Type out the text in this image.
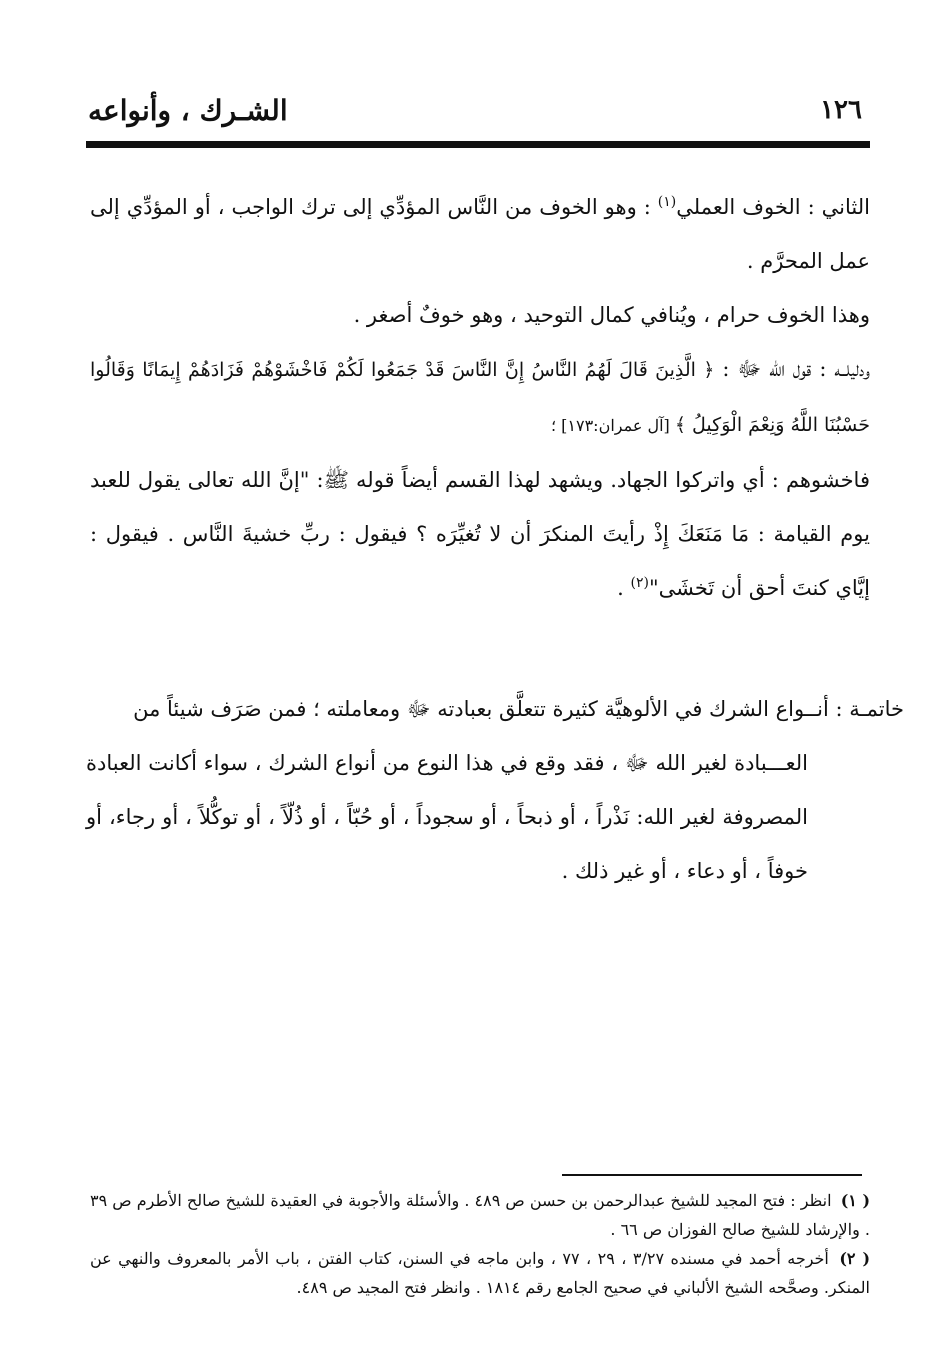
١٢٦
الشـرك ، وأنواعه

الثاني : الخوف العملي$^{(١)}$ : وهو الخوف من النَّاس المؤدِّي إلى ترك الواجب ، أو المؤدِّي إلى عمل المحرَّم .

وهذا الخوف حرام ، ويُنافي كمال التوحيد ، وهو خوفٌ أصغر .

ودليلــه : قول الله ﷻ : ﴿ الَّذِينَ قَالَ لَهُمُ النَّاسُ إِنَّ النَّاسَ قَدْ جَمَعُوا لَكُمْ فَاخْشَوْهُمْ فَزَادَهُمْ إِيمَانًا وَقَالُوا حَسْبُنَا اللَّهُ وَنِعْمَ الْوَكِيلُ ﴾ [آل عمران:١٧٣] ؛

فاخشوهم : أي واتركوا الجهاد. ويشهد لهذا القسم أيضاً قوله ﷺ: "إنَّ الله تعالى يقول للعبد يوم القيامة : مَا مَنَعَكَ إِذْ رأيتَ المنكرَ أن لا تُغيِّرَه ؟ فيقول : ربِّ خشيةَ النَّاس . فيقول : إيَّاي كنتَ أحق أن تَخشَى"$^{(٢)}$ .

خاتمـة : أنــواع الشرك في الألوهيَّة كثيرة تتعلَّق بعبادته ﷻ ومعاملته ؛ فمن صَرَف شيئاً من

العـــبادة لغير الله ﷻ ، فقد وقع في هذا النوع من أنواع الشرك ، سواء أكانت العبادة المصروفة لغير الله: نَذْراً ، أو ذبحاً ، أو سجوداً ، أو حُبّاً ، أو ذُلّاً ، أو توكُّلاً ، أو رجاء، أو خوفاً ، أو دعاء ، أو غير ذلك .

( ١) انظر : فتح المجيد للشيخ عبدالرحمن بن حسن ص ٤٨٩ . والأسئلة والأجوبة في العقيدة للشيخ صالح الأطرم ص ٣٩ . والإرشاد للشيخ صالح الفوزان ص ٦٦ .

( ٢) أخرجه أحمد في مسنده ٣/٢٧ ، ٢٩ ، ٧٧ ، وابن ماجه في السنن، كتاب الفتن ، باب الأمر بالمعروف والنهي عن المنكر. وصحَّحه الشيخ الألباني في صحيح الجامع رقم ١٨١٤ . وانظر فتح المجيد ص ٤٨٩.
